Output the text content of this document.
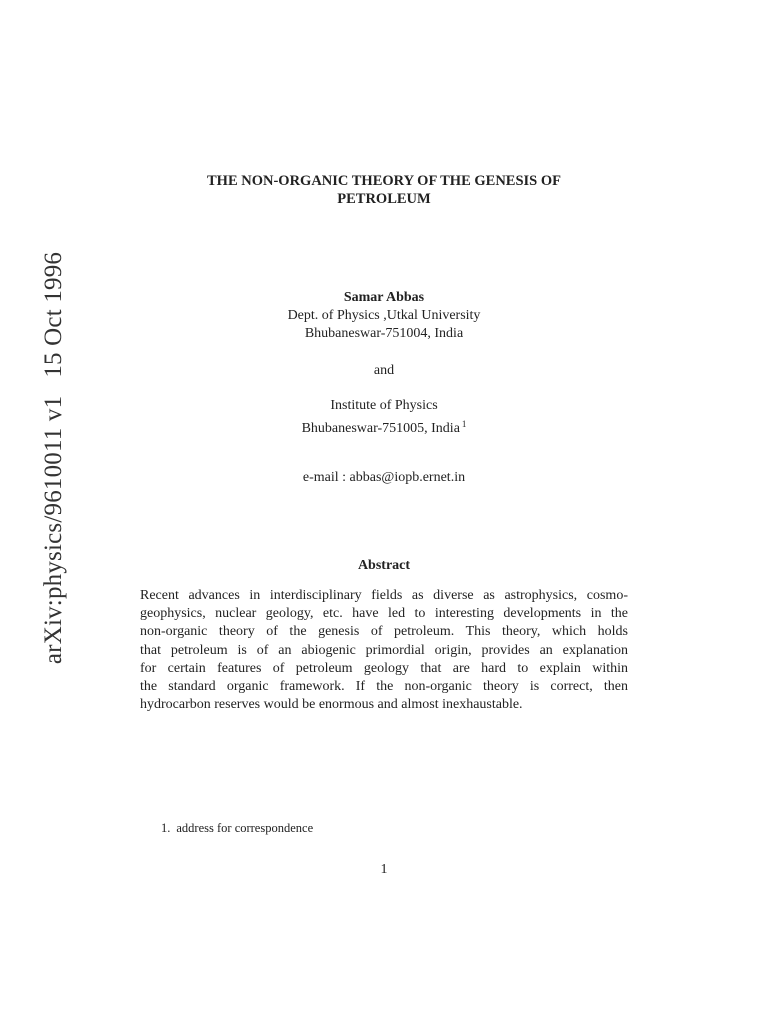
arXiv:physics/9610011 v115 Oct 1996
THE NON-ORGANIC THEORY OF THE GENESIS OF
PETROLEUM
Samar Abbas
Dept. of Physics ,Utkal University
Bhubaneswar-751004, India
and
Institute of Physics
Bhubaneswar-751005, India $^1$
e-mail : abbas@iopb.ernet.in
Abstract
Recent advances in interdisciplinary fields as diverse as astrophysics, cosmo-
geophysics, nuclear geology, etc. have led to interesting developments in the
non-organic theory of the genesis of petroleum. This theory, which holds
that petroleum is of an abiogenic primordial origin, provides an explanation
for certain features of petroleum geology that are hard to explain within
the standard organic framework. If the non-organic theory is correct, then
hydrocarbon reserves would be enormous and almost inexhaustable.
1. address for correspondence
1
